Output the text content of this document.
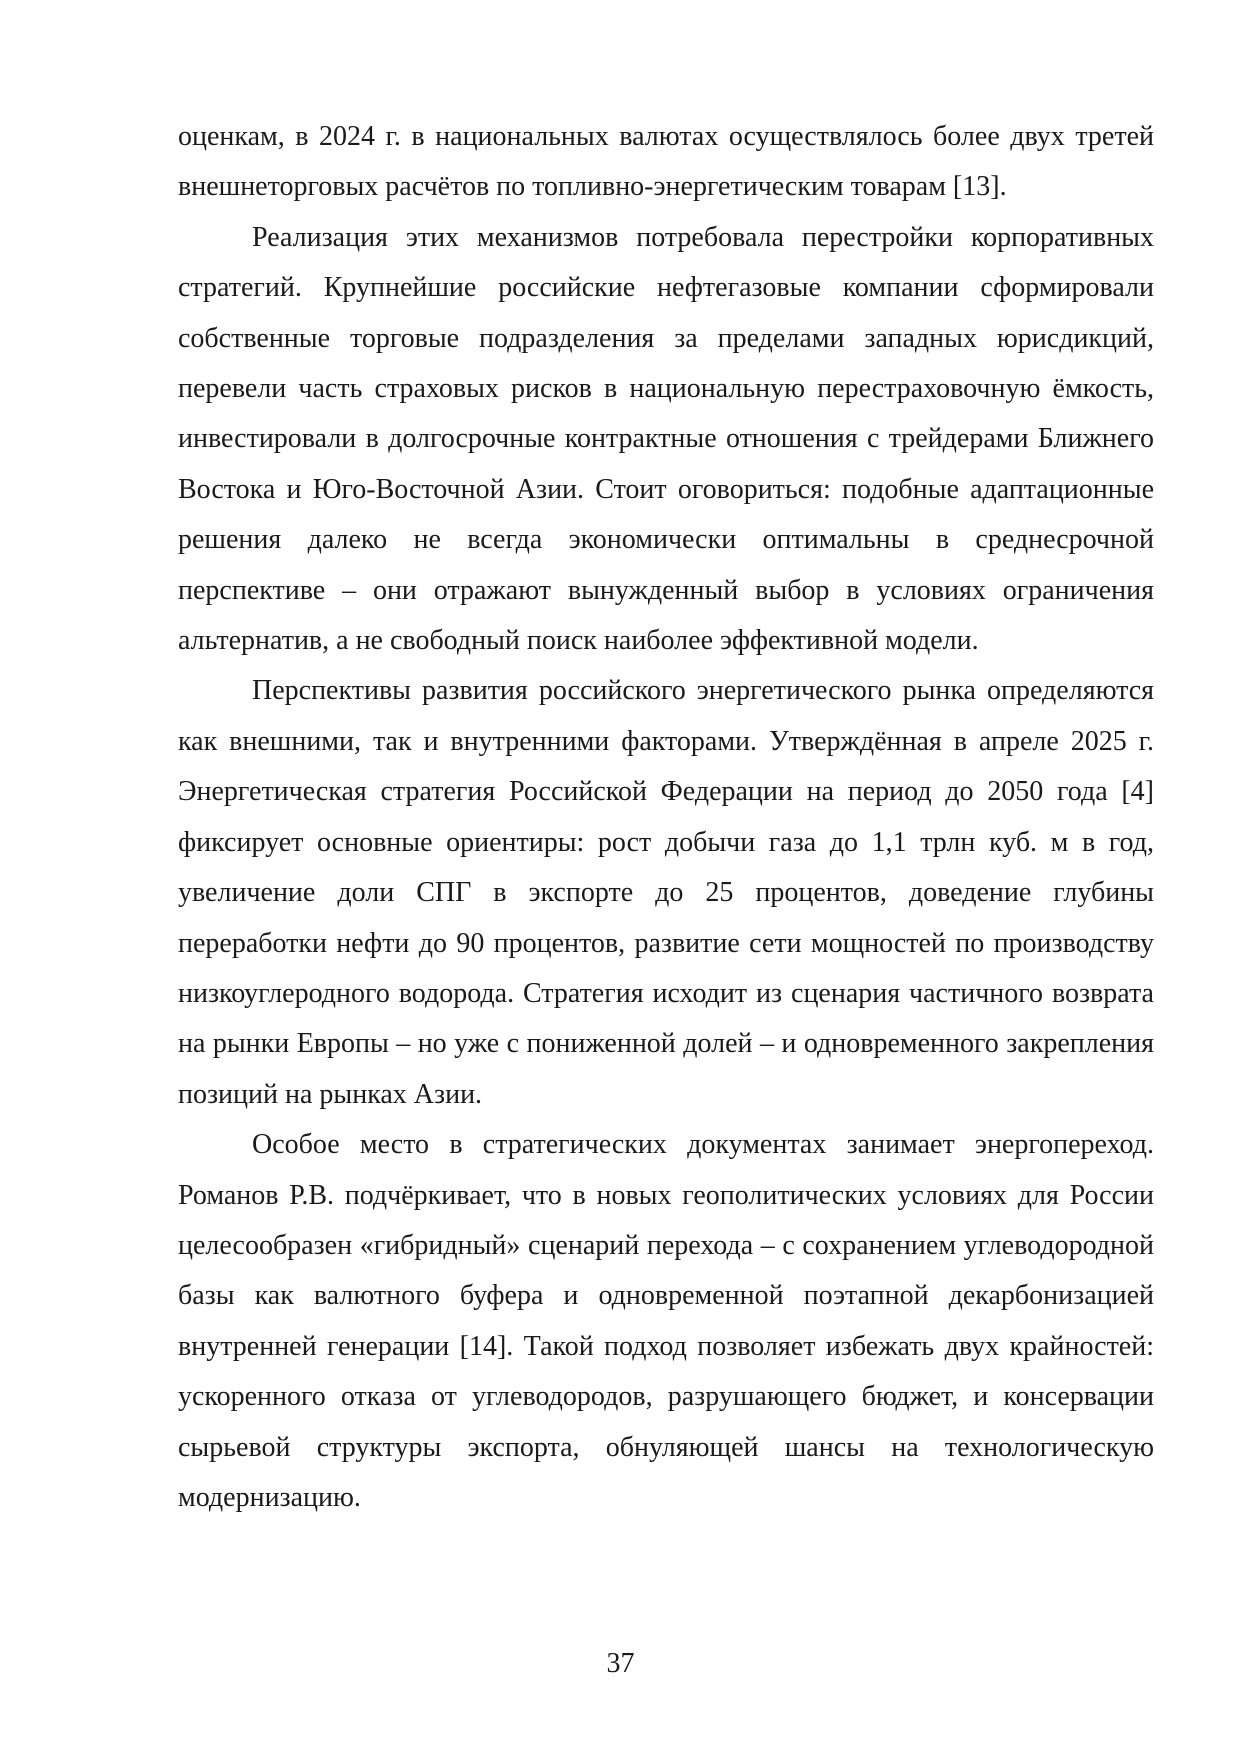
оценкам, в 2024 г. в национальных валютах осуществлялось более двух третей внешнеторговых расчётов по топливно-энергетическим товарам [13].

Реализация этих механизмов потребовала перестройки корпоративных стратегий. Крупнейшие российские нефтегазовые компании сформировали собственные торговые подразделения за пределами западных юрисдикций, перевели часть страховых рисков в национальную перестраховочную ёмкость, инвестировали в долгосрочные контрактные отношения с трейдерами Ближнего Востока и Юго-Восточной Азии. Стоит оговориться: подобные адаптационные решения далеко не всегда экономически оптимальны в среднесрочной перспективе – они отражают вынужденный выбор в условиях ограничения альтернатив, а не свободный поиск наиболее эффективной модели.

Перспективы развития российского энергетического рынка определяются как внешними, так и внутренними факторами. Утверждённая в апреле 2025 г. Энергетическая стратегия Российской Федерации на период до 2050 года [4] фиксирует основные ориентиры: рост добычи газа до 1,1 трлн куб. м в год, увеличение доли СПГ в экспорте до 25 процентов, доведение глубины переработки нефти до 90 процентов, развитие сети мощностей по производству низкоуглеродного водорода. Стратегия исходит из сценария частичного возврата на рынки Европы – но уже с пониженной долей – и одновременного закрепления позиций на рынках Азии.

Особое место в стратегических документах занимает энергопереход. Романов Р.В. подчёркивает, что в новых геополитических условиях для России целесообразен «гибридный» сценарий перехода – с сохранением углеводородной базы как валютного буфера и одновременной поэтапной декарбонизацией внутренней генерации [14]. Такой подход позволяет избежать двух крайностей: ускоренного отказа от углеводородов, разрушающего бюджет, и консервации сырьевой структуры экспорта, обнуляющей шансы на технологическую модернизацию.

37
